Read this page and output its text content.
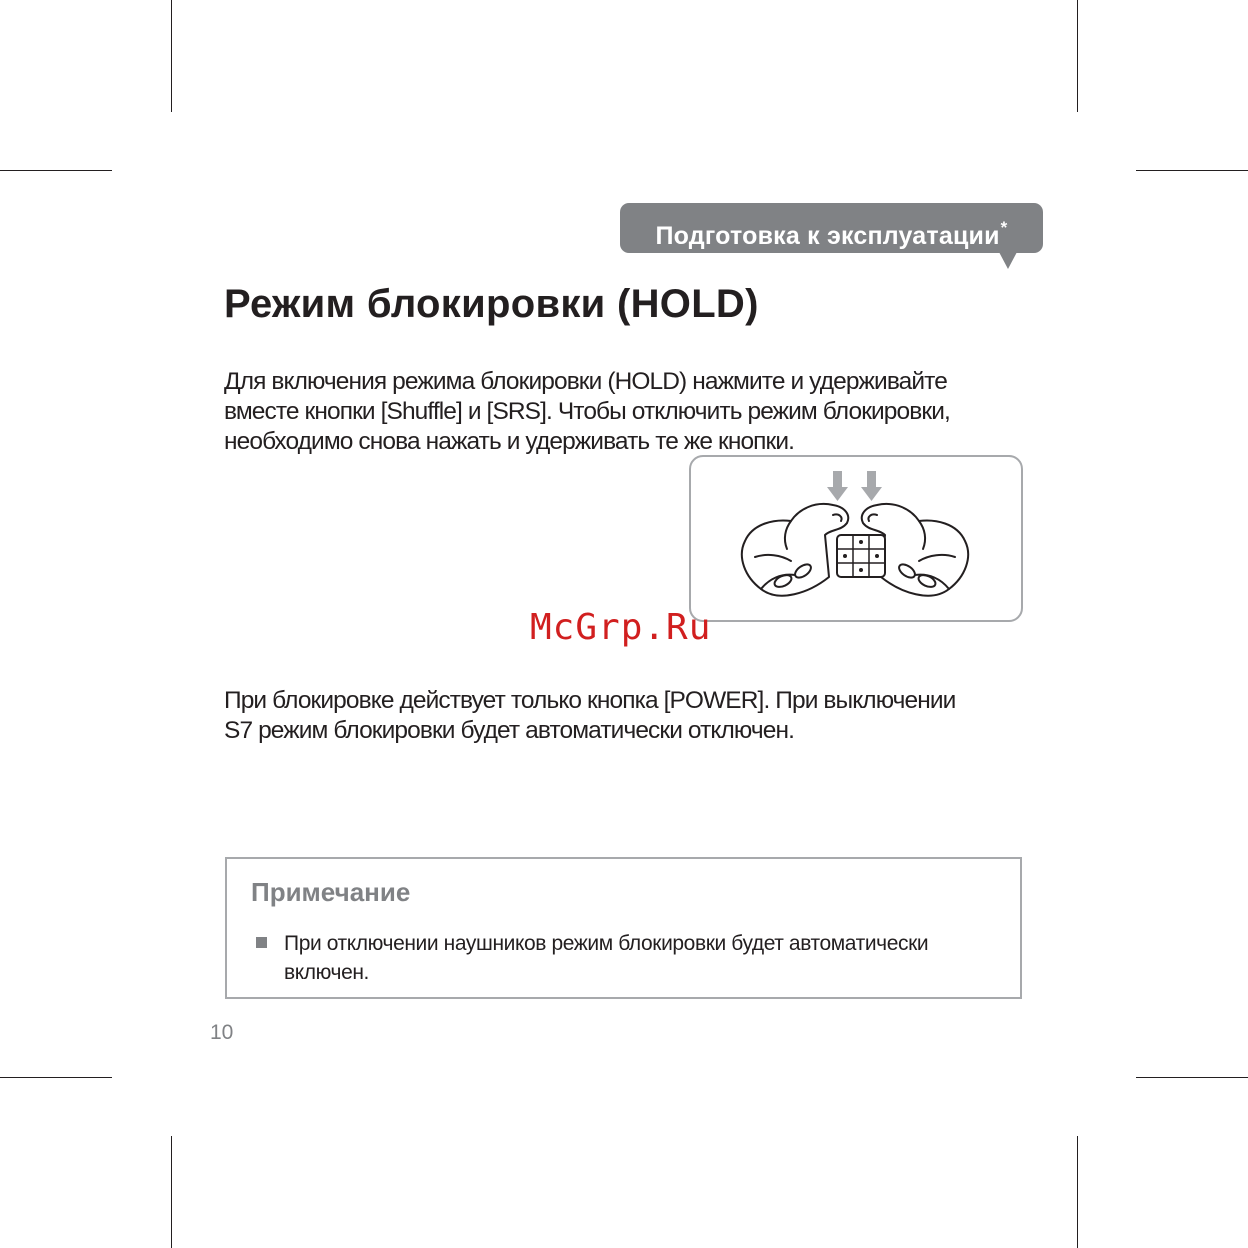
Подготовка к эксплуатации*
Режим блокировки (HOLD)
Для включения режима блокировки (HOLD) нажмите и удерживайте
вместе кнопки [Shuffle] и [SRS]. Чтобы отключить режим блокировки,
необходимо снова нажать и удерживать те же кнопки.
McGrp.Ru
При блокировке действует только кнопка [POWER]. При выключении
S7 режим блокировки будет автоматически отключен.
Примечание
При отключении наушников режим блокировки будет автоматически включен.
10
